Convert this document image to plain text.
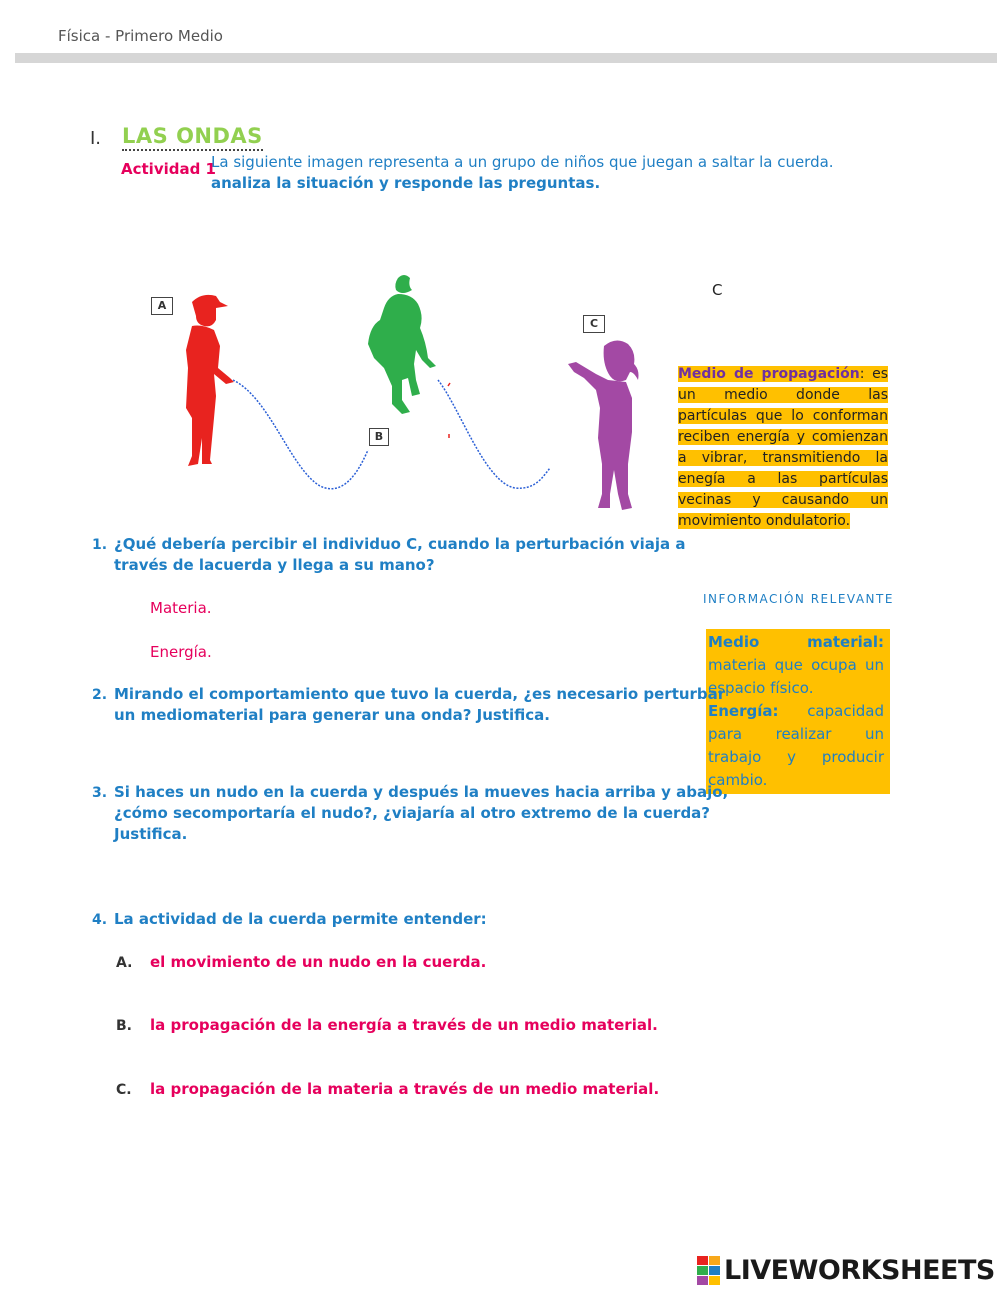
Física - Primero Medio
I. LAS ONDAS
Actividad 1
La siguiente imagen representa a un grupo de niños que juegan a saltar la cuerda. analiza la situación y responde las preguntas.
A
B
C
C
Medio de propagación: es un medio donde las partículas que lo conforman reciben energía y comienzan a vibrar, transmitiendo la enegía a las partículas vecinas y causando un movimiento ondulatorio.
INFORMACIÓN RELEVANTE
Medio material: materia que ocupa un espacio físico.
Energía: capacidad para realizar un trabajo y producir cambio.
1. ¿Qué debería percibir el individuo C, cuando la perturbación viaja a
través de lacuerda y llega a su mano?
Materia.
Energía.
2. Mirando el comportamiento que tuvo la cuerda, ¿es necesario perturbar
un mediomaterial para generar una onda? Justifica.
3. Si haces un nudo en la cuerda y después la mueves hacia arriba y abajo,
¿cómo secomportaría el nudo?, ¿viajaría al otro extremo de la cuerda?
Justifica.
4. La actividad de la cuerda permite entender:
A. el movimiento de un nudo en la cuerda.
B. la propagación de la energía a través de un medio material.
C. la propagación de la materia a través de un medio material.
LIVEWORKSHEETS
